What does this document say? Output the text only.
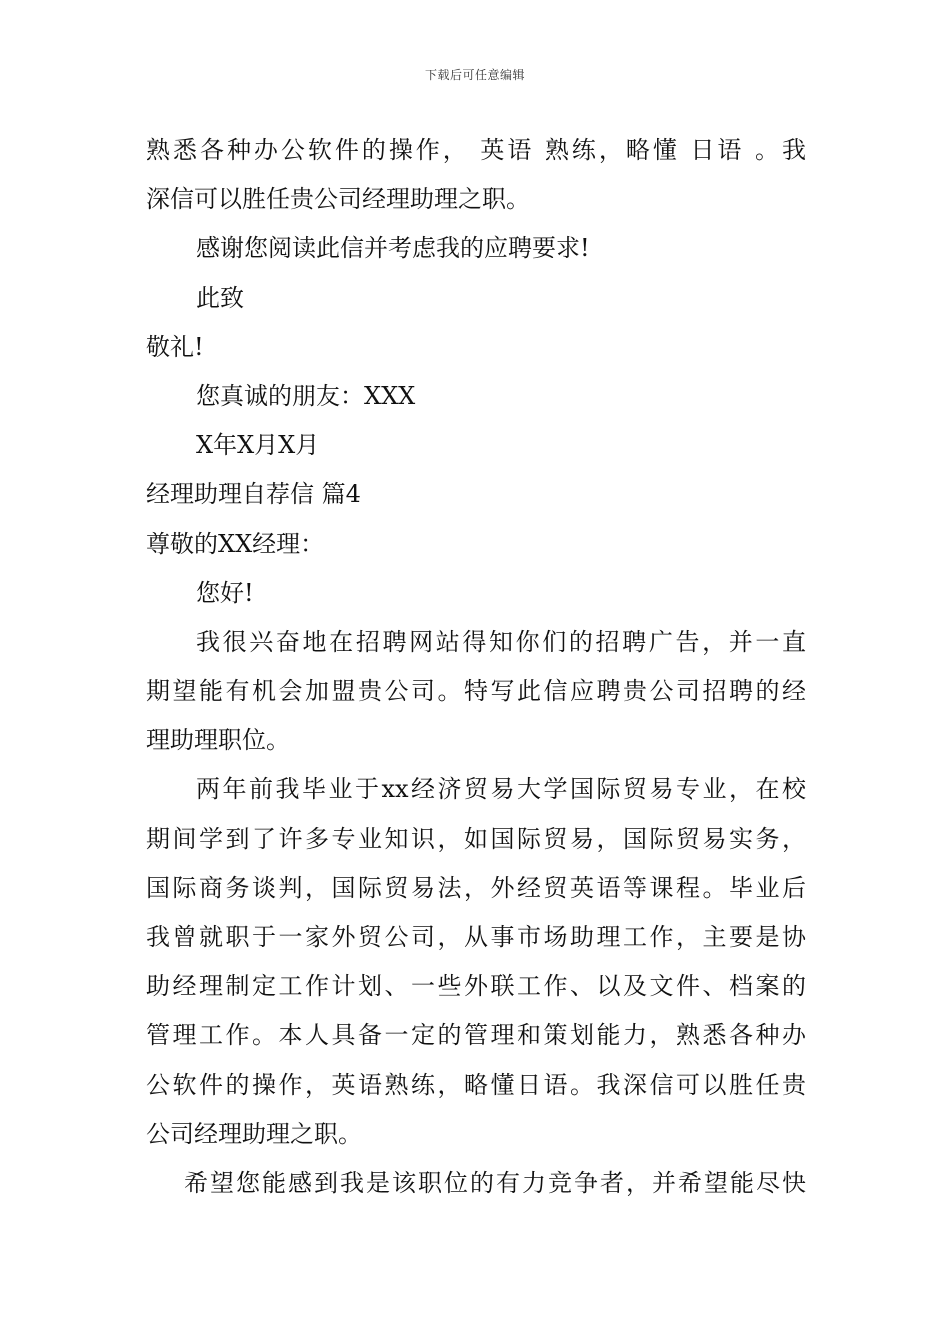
下载后可任意编辑
熟悉各种办公软件的操作， 英语 熟练，略懂 日语 。我
深信可以胜任贵公司经理助理之职。
感谢您阅读此信并考虑我的应聘要求!
此致
敬礼!
您真诚的朋友：XXX
X年X月X月
经理助理自荐信 篇4
尊敬的XX经理：
您好!
我很兴奋地在招聘网站得知你们的招聘广告，并一直
期望能有机会加盟贵公司。特写此信应聘贵公司招聘的经
理助理职位。
两年前我毕业于xx经济贸易大学国际贸易专业，在校
期间学到了许多专业知识，如国际贸易，国际贸易实务，
国际商务谈判，国际贸易法，外经贸英语等课程。毕业后
我曾就职于一家外贸公司，从事市场助理工作，主要是协
助经理制定工作计划、一些外联工作、以及文件、档案的
管理工作。本人具备一定的管理和策划能力，熟悉各种办
公软件的操作，英语熟练，略懂日语。我深信可以胜任贵
公司经理助理之职。
希望您能感到我是该职位的有力竞争者，并希望能尽快
